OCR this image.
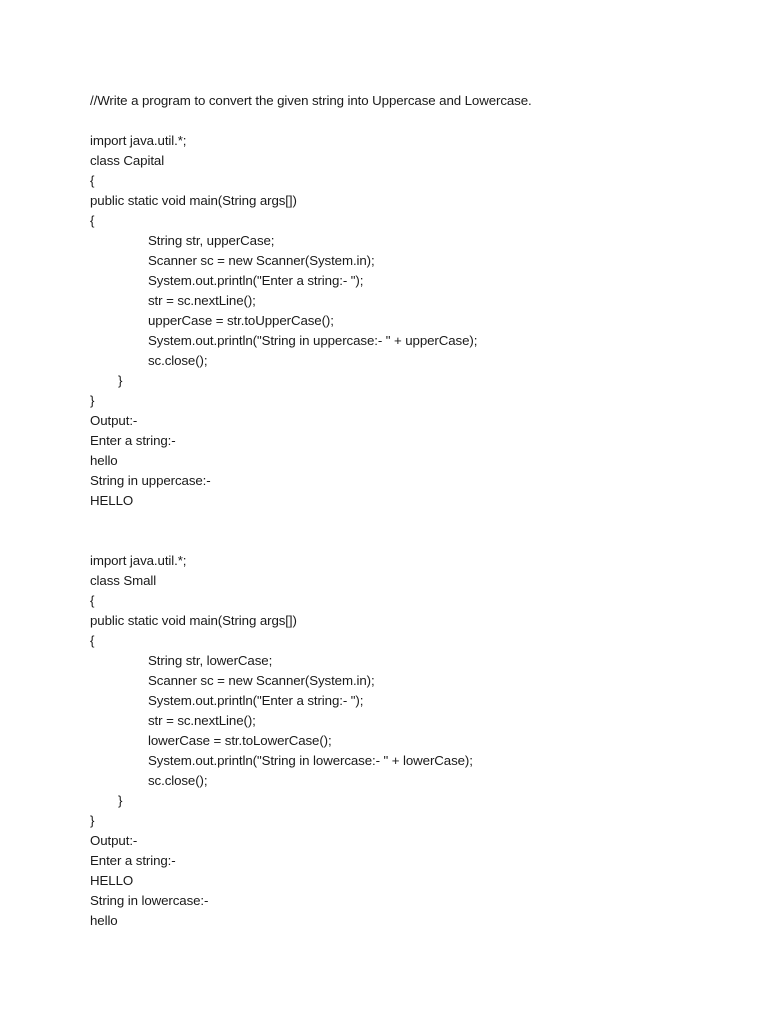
//Write a program to convert the given string into Uppercase and Lowercase.
import java.util.*;
class Capital
{
public static void main(String args[])
{
String str, upperCase;
Scanner sc = new Scanner(System.in);
System.out.println("Enter a string:- ");
str = sc.nextLine();
upperCase = str.toUpperCase();
System.out.println("String in uppercase:- " + upperCase);
sc.close();
}
}
Output:-
Enter a string:-
hello
String in uppercase:-
HELLO
import java.util.*;
class Small
{
public static void main(String args[])
{
String str, lowerCase;
Scanner sc = new Scanner(System.in);
System.out.println("Enter a string:- ");
str = sc.nextLine();
lowerCase = str.toLowerCase();
System.out.println("String in lowercase:- " + lowerCase);
sc.close();
}
}
Output:-
Enter a string:-
HELLO
String in lowercase:-
hello
